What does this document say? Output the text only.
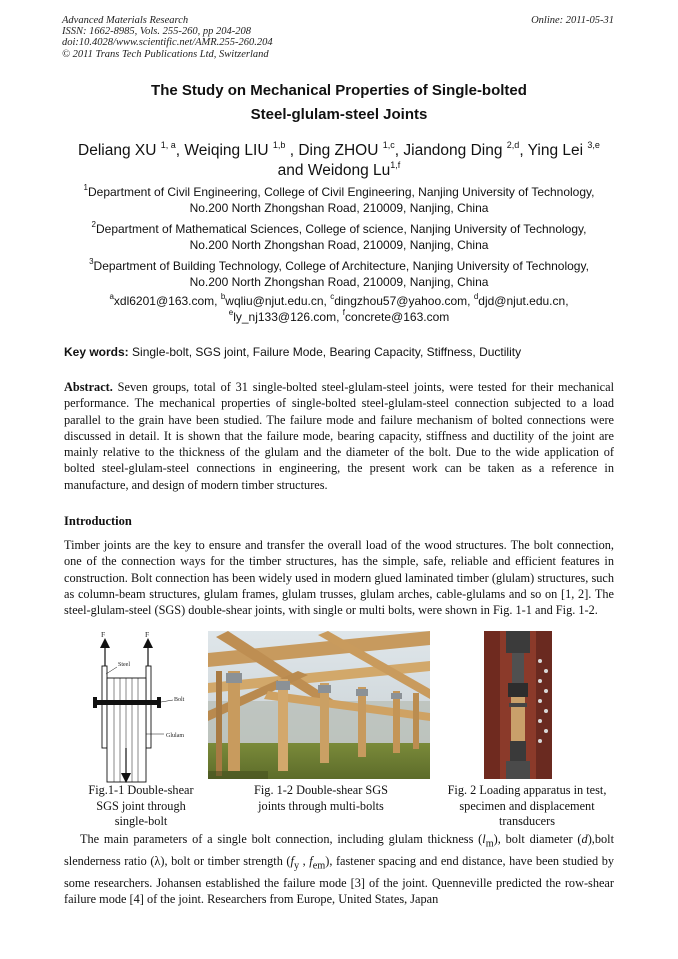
Advanced Materials Research
ISSN: 1662-8985, Vols. 255-260, pp 204-208
doi:10.4028/www.scientific.net/AMR.255-260.204
© 2011 Trans Tech Publications Ltd, Switzerland
Online: 2011-05-31
The Study on Mechanical Properties of Single-bolted
Steel-glulam-steel Joints
Deliang XU $^{1, a}$, Weiqing LIU $^{1,b}$ , Ding ZHOU $^{1,c}$, Jiandong Ding $^{2,d}$, Ying Lei $^{3,e}$
and Weidong Lu$^{1,f}$
$^1$Department of Civil Engineering, College of Civil Engineering, Nanjing University of Technology,
No.200 North Zhongshan Road, 210009, Nanjing, China
$^2$Department of Mathematical Sciences, College of science, Nanjing University of Technology,
No.200 North Zhongshan Road, 210009, Nanjing, China
$^3$Department of Building Technology, College of Architecture, Nanjing University of Technology,
No.200 North Zhongshan Road, 210009, Nanjing, China
$^a$xdl6201@163.com, $^b$wqliu@njut.edu.cn, $^c$dingzhou57@yahoo.com, $^d$djd@njut.edu.cn,
$^e$ly_nj133@126.com, $^f$concrete@163.com
Key words: Single-bolt, SGS joint, Failure Mode, Bearing Capacity, Stiffness, Ductility
Abstract. Seven groups, total of 31 single-bolted steel-glulam-steel joints, were tested for their mechanical performance. The mechanical properties of single-bolted steel-glulam-steel connection subjected to a load parallel to the grain have been studied. The failure mode and failure mechanism of bolted connections were discussed in detail. It is shown that the failure mode, bearing capacity, stiffness and ductility of the joint are mainly relative to the thickness of the glulam and the diameter of the bolt. Due to the wide application of bolted steel-glulam-steel connections in engineering, the present work can be taken as a reference in manufacture, and design of modern timber structures.
Introduction
Timber joints are the key to ensure and transfer the overall load of the wood structures. The bolt connection, one of the connection ways for the timber structures, has the simple, safe, reliable and efficient features in construction. Bolt connection has been widely used in modern glued laminated timber (glulam) structures, such as column-beam structures, glulam frames, glulam trusses, glulam arches, cable-glulams and so on [1, 2]. The steel-glulam-steel (SGS) double-shear joints, with single or multi bolts, were shown in Fig. 1-1 and Fig. 1-2.
F	F
Steel
Glulam
Bolt
Fig.1-1 Double-shear
SGS joint through
single-bolt
Fig. 1-2 Double-shear SGS
joints through multi-bolts
Fig. 2 Loading apparatus in test,
specimen and displacement
transducers
The main parameters of a single bolt connection, including glulam thickness $(l_m)$, bolt diameter (d),bolt slenderness ratio (λ), bolt or timber strength ($f_y$ , $f_{em}$), fastener spacing and end distance, have been studied by some researchers. Johansen established the failure mode [3] of the joint. Quenneville predicted the row-shear failure mode [4] of the joint. Researchers from Europe, United States, Japan
